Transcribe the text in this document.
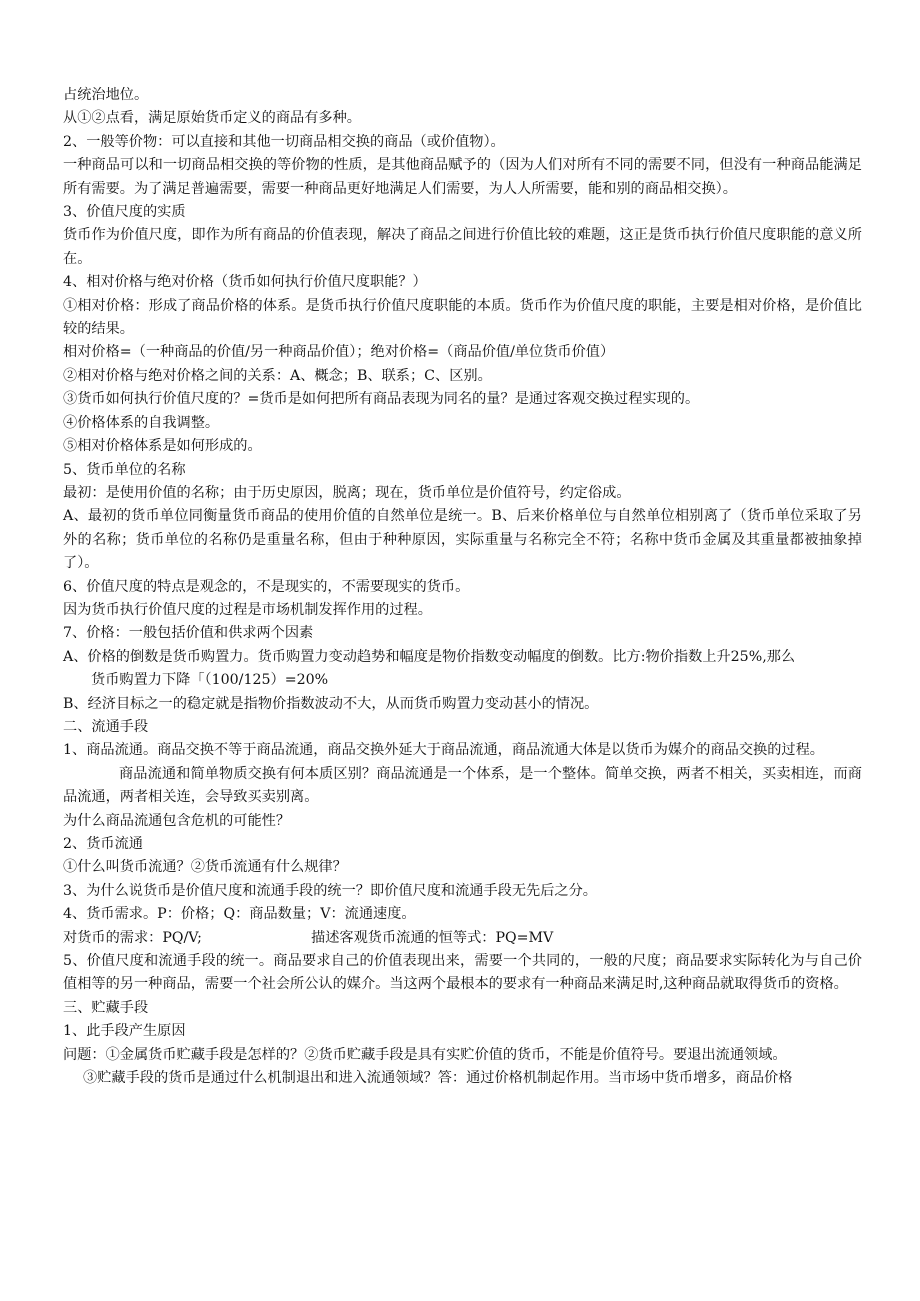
占统治地位。
从①②点看，满足原始货币定义的商品有多种。
2、一般等价物：可以直接和其他一切商品相交换的商品（或价值物）。
一种商品可以和一切商品相交换的等价物的性质，是其他商品赋予的（因为人们对所有不同的需要不同，但没有一种商品能满足所有需要。为了满足普遍需要，需要一种商品更好地满足人们需要，为人人所需要，能和别的商品相交换）。
3、价值尺度的实质
货币作为价值尺度，即作为所有商品的价值表现，解决了商品之间进行价值比较的难题，这正是货币执行价值尺度职能的意义所在。
4、相对价格与绝对价格（货币如何执行价值尺度职能？）
①相对价格：形成了商品价格的体系。是货币执行价值尺度职能的本质。货币作为价值尺度的职能，主要是相对价格，是价值比较的结果。
相对价格=（一种商品的价值/另一种商品价值）；绝对价格=（商品价值/单位货币价值）
②相对价格与绝对价格之间的关系：A、概念；B、联系；C、区别。
③货币如何执行价值尺度的？=货币是如何把所有商品表现为同名的量？是通过客观交换过程实现的。
④价格体系的自我调整。
⑤相对价格体系是如何形成的。
5、货币单位的名称
最初：是使用价值的名称；由于历史原因，脱离；现在，货币单位是价值符号，约定俗成。
A、最初的货币单位同衡量货币商品的使用价值的自然单位是统一。B、后来价格单位与自然单位相别离了（货币单位采取了另外的名称；货币单位的名称仍是重量名称，但由于种种原因，实际重量与名称完全不符；名称中货币金属及其重量都被抽象掉了）。
6、价值尺度的特点是观念的，不是现实的，不需要现实的货币。
因为货币执行价值尺度的过程是市场机制发挥作用的过程。
7、价格：一般包括价值和供求两个因素
A、价格的倒数是货币购置力。货币购置力变动趋势和幅度是物价指数变动幅度的倒数。比方:物价指数上升25%,那么
货币购置力下降「（100/125）=20%
B、经济目标之一的稳定就是指物价指数波动不大，从而货币购置力变动甚小的情况。
二、流通手段
1、商品流通。商品交换不等于商品流通，商品交换外延大于商品流通，商品流通大体是以货币为媒介的商品交换的过程。
商品流通和简单物质交换有何本质区别？商品流通是一个体系，是一个整体。简单交换，两者不相关，买卖相连，而商品流通，两者相关连，会导致买卖别离。
为什么商品流通包含危机的可能性？
2、货币流通
①什么叫货币流通？②货币流通有什么规律？
3、为什么说货币是价值尺度和流通手段的统一？即价值尺度和流通手段无先后之分。
4、货币需求。P：价格；Q：商品数量；V：流通速度。
对货币的需求：PQ/V;	描述客观货币流通的恒等式：PQ=MV
5、价值尺度和流通手段的统一。商品要求自己的价值表现出来，需要一个共同的，一般的尺度；商品要求实际转化为与自己价值相等的另一种商品，需要一个社会所公认的媒介。当这两个最根本的要求有一种商品来满足时,这种商品就取得货币的资格。
三、贮藏手段
1、此手段产生原因
问题：①金属货币贮藏手段是怎样的？②货币贮藏手段是具有实贮价值的货币，不能是价值符号。要退出流通领域。
③贮藏手段的货币是通过什么机制退出和进入流通领域？答：通过价格机制起作用。当市场中货币增多，商品价格
